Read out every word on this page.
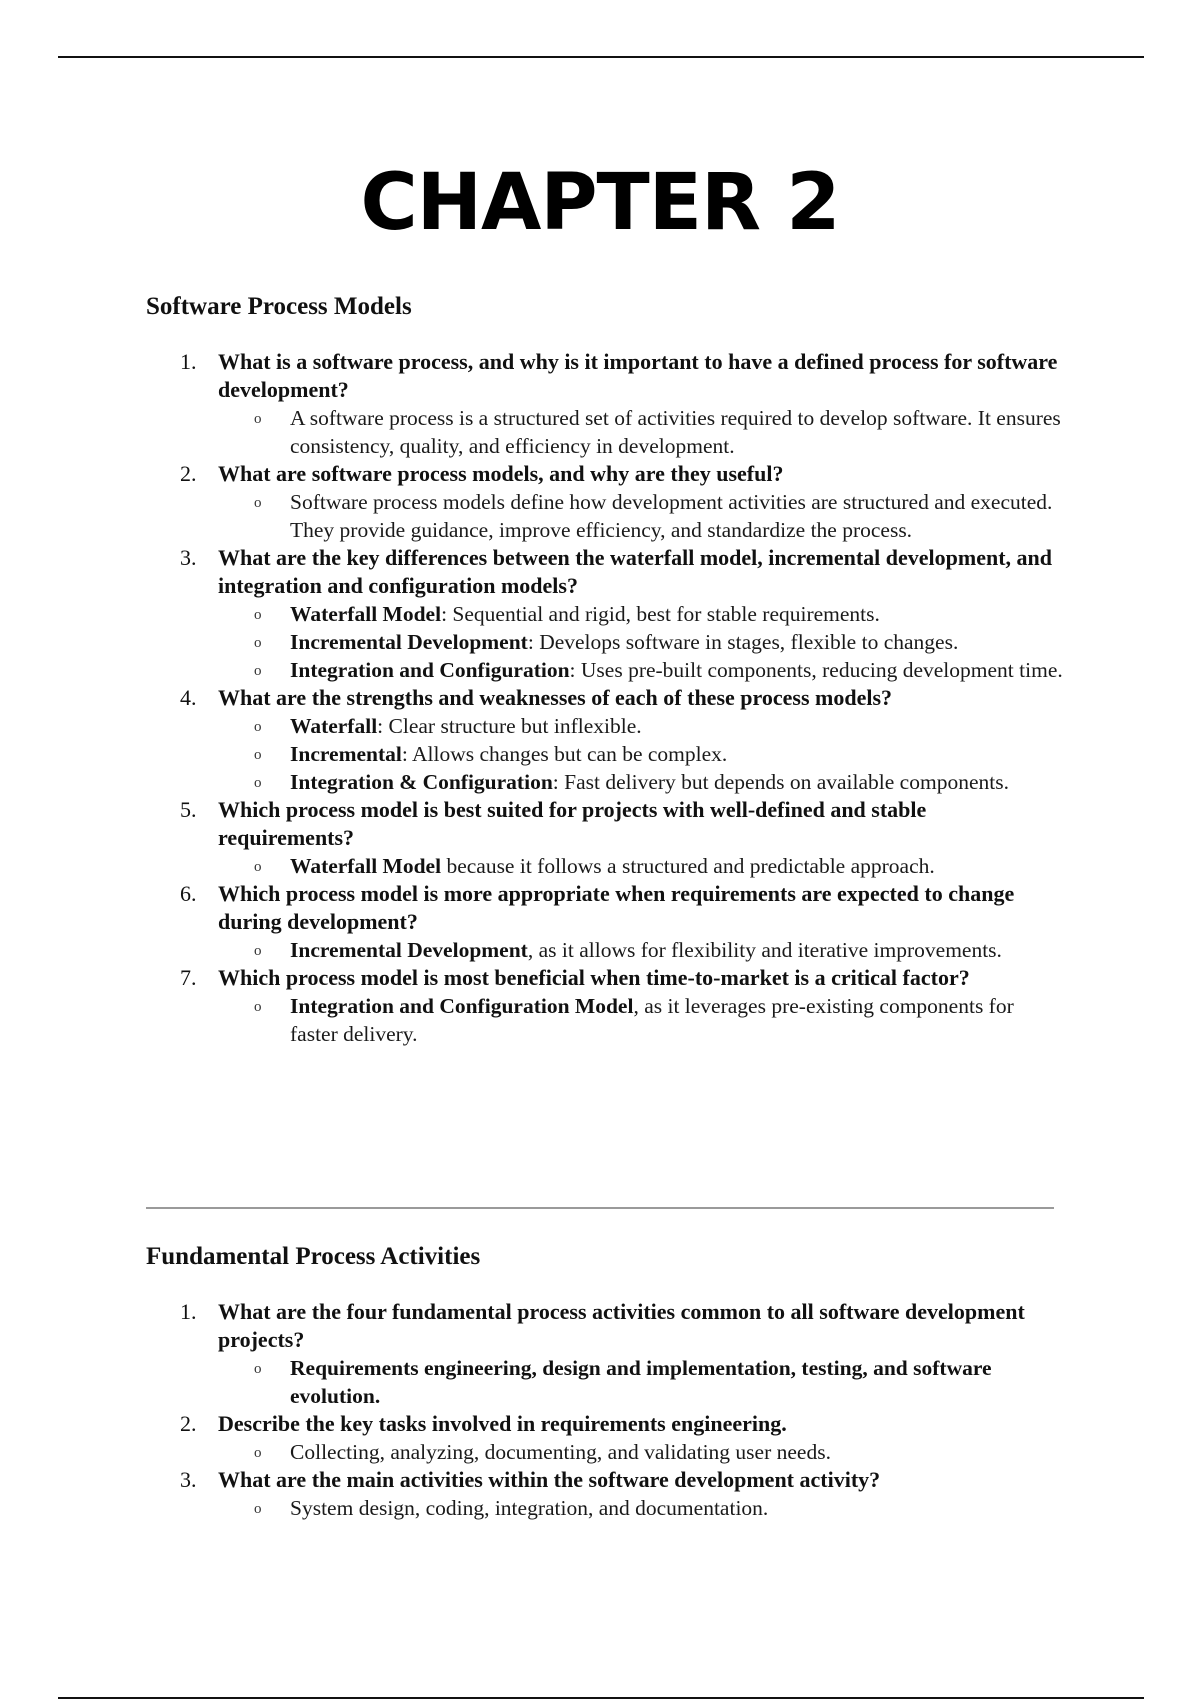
CHAPTER 2
Software Process Models
1. What is a software process, and why is it important to have a defined process for software development?
o A software process is a structured set of activities required to develop software. It ensures consistency, quality, and efficiency in development.
2. What are software process models, and why are they useful?
o Software process models define how development activities are structured and executed. They provide guidance, improve efficiency, and standardize the process.
3. What are the key differences between the waterfall model, incremental development, and integration and configuration models?
o Waterfall Model: Sequential and rigid, best for stable requirements.
o Incremental Development: Develops software in stages, flexible to changes.
o Integration and Configuration: Uses pre-built components, reducing development time.
4. What are the strengths and weaknesses of each of these process models?
o Waterfall: Clear structure but inflexible.
o Incremental: Allows changes but can be complex.
o Integration & Configuration: Fast delivery but depends on available components.
5. Which process model is best suited for projects with well-defined and stable requirements?
o Waterfall Model because it follows a structured and predictable approach.
6. Which process model is more appropriate when requirements are expected to change during development?
o Incremental Development, as it allows for flexibility and iterative improvements.
7. Which process model is most beneficial when time-to-market is a critical factor?
o Integration and Configuration Model, as it leverages pre-existing components for faster delivery.
Fundamental Process Activities
1. What are the four fundamental process activities common to all software development projects?
o Requirements engineering, design and implementation, testing, and software evolution.
2. Describe the key tasks involved in requirements engineering.
o Collecting, analyzing, documenting, and validating user needs.
3. What are the main activities within the software development activity?
o System design, coding, integration, and documentation.
